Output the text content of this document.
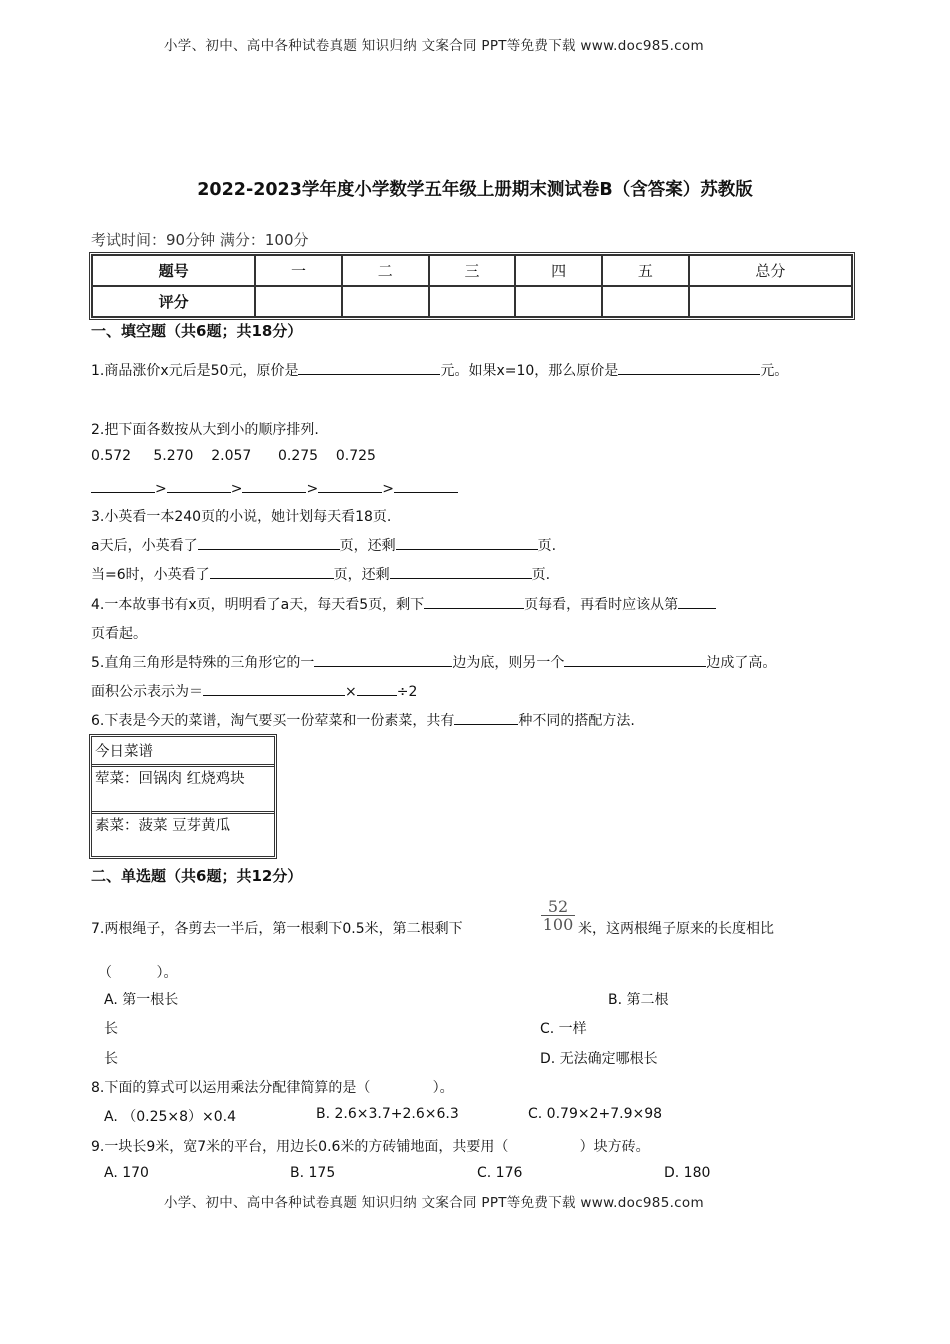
小学、初中、高中各种试卷真题 知识归纳 文案合同 PPT等免费下载 www.doc985.com
2022-2023学年度小学数学五年级上册期末测试卷B（含答案）苏教版
考试时间：90分钟 满分：100分
题号	一	二	三	四	五	总分
评分						
一、填空题（共6题；共18分）
1.商品涨价x元后是50元，原价是	元。如果x=10，那么原价是	元。
2.把下面各数按从大到小的顺序排列.
0.572     5.270    2.057      0.275    0.725
>	>	>	>
3.小英看一本240页的小说，她计划每天看18页.
a天后，小英看了	页，还剩	页.
当=6时，小英看了	页，还剩	页.
4.一本故事书有x页，明明看了a天，每天看5页，剩下	页每看，再看时应该从第
页看起。
5.直角三角形是特殊的三角形它的一	边为底，则另一个	边成了高。
面积公示表示为＝	×	÷2
6.下表是今天的菜谱，淘气要买一份荤菜和一份素菜，共有	种不同的搭配方法.
今日菜谱
荤菜：回锅肉 红烧鸡块
素菜：菠菜 豆芽黄瓜
二、单选题（共6题；共12分）
7.两根绳子，各剪去一半后，第一根剩下0.5米，第二根剩下
52
100 米，这两根绳子原来的长度相比
（          ）。
A. 第一根长	B. 第二根
长	C. 一样
长	D. 无法确定哪根长
8.下面的算式可以运用乘法分配律简算的是（              ）。
A. （0.25×8）×0.4	B. 2.6×3.7+2.6×6.3	C. 0.79×2+7.9×98
9.一块长9米，宽7米的平台，用边长0.6米的方砖铺地面，共要用（                ）块方砖。
A. 170	B. 175	C. 176	D. 180
小学、初中、高中各种试卷真题 知识归纳 文案合同 PPT等免费下载 www.doc985.com
